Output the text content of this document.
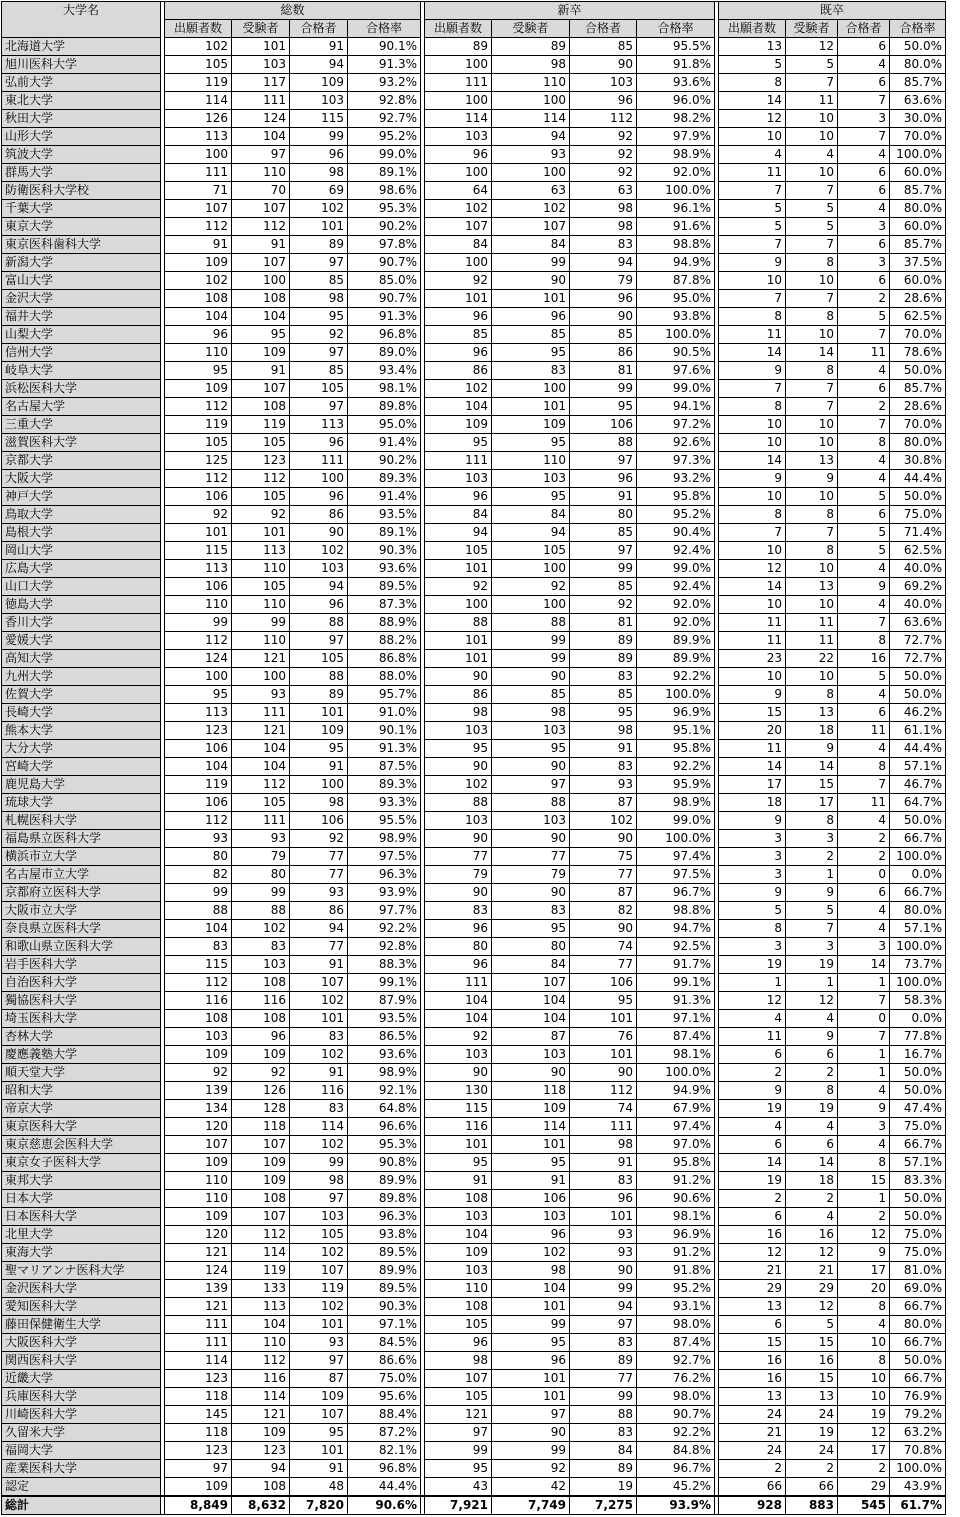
大学名		総数					新卒					既卒			
		出願者数	受験者	合格者	合格率		出願者数	受験者	合格者	合格率		出願者数	受験者	合格者	合格率
北海道大学		102	101	91	90.1%		89	89	85	95.5%		13	12	6	50.0%
旭川医科大学		105	103	94	91.3%		100	98	90	91.8%		5	5	4	80.0%
弘前大学		119	117	109	93.2%		111	110	103	93.6%		8	7	6	85.7%
東北大学		114	111	103	92.8%		100	100	96	96.0%		14	11	7	63.6%
秋田大学		126	124	115	92.7%		114	114	112	98.2%		12	10	3	30.0%
山形大学		113	104	99	95.2%		103	94	92	97.9%		10	10	7	70.0%
筑波大学		100	97	96	99.0%		96	93	92	98.9%		4	4	4	100.0%
群馬大学		111	110	98	89.1%		100	100	92	92.0%		11	10	6	60.0%
防衛医科大学校		71	70	69	98.6%		64	63	63	100.0%		7	7	6	85.7%
千葉大学		107	107	102	95.3%		102	102	98	96.1%		5	5	4	80.0%
東京大学		112	112	101	90.2%		107	107	98	91.6%		5	5	3	60.0%
東京医科歯科大学		91	91	89	97.8%		84	84	83	98.8%		7	7	6	85.7%
新潟大学		109	107	97	90.7%		100	99	94	94.9%		9	8	3	37.5%
富山大学		102	100	85	85.0%		92	90	79	87.8%		10	10	6	60.0%
金沢大学		108	108	98	90.7%		101	101	96	95.0%		7	7	2	28.6%
福井大学		104	104	95	91.3%		96	96	90	93.8%		8	8	5	62.5%
山梨大学		96	95	92	96.8%		85	85	85	100.0%		11	10	7	70.0%
信州大学		110	109	97	89.0%		96	95	86	90.5%		14	14	11	78.6%
岐阜大学		95	91	85	93.4%		86	83	81	97.6%		9	8	4	50.0%
浜松医科大学		109	107	105	98.1%		102	100	99	99.0%		7	7	6	85.7%
名古屋大学		112	108	97	89.8%		104	101	95	94.1%		8	7	2	28.6%
三重大学		119	119	113	95.0%		109	109	106	97.2%		10	10	7	70.0%
滋賀医科大学		105	105	96	91.4%		95	95	88	92.6%		10	10	8	80.0%
京都大学		125	123	111	90.2%		111	110	97	97.3%		14	13	4	30.8%
大阪大学		112	112	100	89.3%		103	103	96	93.2%		9	9	4	44.4%
神戸大学		106	105	96	91.4%		96	95	91	95.8%		10	10	5	50.0%
鳥取大学		92	92	86	93.5%		84	84	80	95.2%		8	8	6	75.0%
島根大学		101	101	90	89.1%		94	94	85	90.4%		7	7	5	71.4%
岡山大学		115	113	102	90.3%		105	105	97	92.4%		10	8	5	62.5%
広島大学		113	110	103	93.6%		101	100	99	99.0%		12	10	4	40.0%
山口大学		106	105	94	89.5%		92	92	85	92.4%		14	13	9	69.2%
徳島大学		110	110	96	87.3%		100	100	92	92.0%		10	10	4	40.0%
香川大学		99	99	88	88.9%		88	88	81	92.0%		11	11	7	63.6%
愛媛大学		112	110	97	88.2%		101	99	89	89.9%		11	11	8	72.7%
高知大学		124	121	105	86.8%		101	99	89	89.9%		23	22	16	72.7%
九州大学		100	100	88	88.0%		90	90	83	92.2%		10	10	5	50.0%
佐賀大学		95	93	89	95.7%		86	85	85	100.0%		9	8	4	50.0%
長崎大学		113	111	101	91.0%		98	98	95	96.9%		15	13	6	46.2%
熊本大学		123	121	109	90.1%		103	103	98	95.1%		20	18	11	61.1%
大分大学		106	104	95	91.3%		95	95	91	95.8%		11	9	4	44.4%
宮崎大学		104	104	91	87.5%		90	90	83	92.2%		14	14	8	57.1%
鹿児島大学		119	112	100	89.3%		102	97	93	95.9%		17	15	7	46.7%
琉球大学		106	105	98	93.3%		88	88	87	98.9%		18	17	11	64.7%
札幌医科大学		112	111	106	95.5%		103	103	102	99.0%		9	8	4	50.0%
福島県立医科大学		93	93	92	98.9%		90	90	90	100.0%		3	3	2	66.7%
横浜市立大学		80	79	77	97.5%		77	77	75	97.4%		3	2	2	100.0%
名古屋市立大学		82	80	77	96.3%		79	79	77	97.5%		3	1	0	0.0%
京都府立医科大学		99	99	93	93.9%		90	90	87	96.7%		9	9	6	66.7%
大阪市立大学		88	88	86	97.7%		83	83	82	98.8%		5	5	4	80.0%
奈良県立医科大学		104	102	94	92.2%		96	95	90	94.7%		8	7	4	57.1%
和歌山県立医科大学		83	83	77	92.8%		80	80	74	92.5%		3	3	3	100.0%
岩手医科大学		115	103	91	88.3%		96	84	77	91.7%		19	19	14	73.7%
自治医科大学		112	108	107	99.1%		111	107	106	99.1%		1	1	1	100.0%
獨協医科大学		116	116	102	87.9%		104	104	95	91.3%		12	12	7	58.3%
埼玉医科大学		108	108	101	93.5%		104	104	101	97.1%		4	4	0	0.0%
杏林大学		103	96	83	86.5%		92	87	76	87.4%		11	9	7	77.8%
慶應義塾大学		109	109	102	93.6%		103	103	101	98.1%		6	6	1	16.7%
順天堂大学		92	92	91	98.9%		90	90	90	100.0%		2	2	1	50.0%
昭和大学		139	126	116	92.1%		130	118	112	94.9%		9	8	4	50.0%
帝京大学		134	128	83	64.8%		115	109	74	67.9%		19	19	9	47.4%
東京医科大学		120	118	114	96.6%		116	114	111	97.4%		4	4	3	75.0%
東京慈恵会医科大学		107	107	102	95.3%		101	101	98	97.0%		6	6	4	66.7%
東京女子医科大学		109	109	99	90.8%		95	95	91	95.8%		14	14	8	57.1%
東邦大学		110	109	98	89.9%		91	91	83	91.2%		19	18	15	83.3%
日本大学		110	108	97	89.8%		108	106	96	90.6%		2	2	1	50.0%
日本医科大学		109	107	103	96.3%		103	103	101	98.1%		6	4	2	50.0%
北里大学		120	112	105	93.8%		104	96	93	96.9%		16	16	12	75.0%
東海大学		121	114	102	89.5%		109	102	93	91.2%		12	12	9	75.0%
聖マリアンナ医科大学		124	119	107	89.9%		103	98	90	91.8%		21	21	17	81.0%
金沢医科大学		139	133	119	89.5%		110	104	99	95.2%		29	29	20	69.0%
愛知医科大学		121	113	102	90.3%		108	101	94	93.1%		13	12	8	66.7%
藤田保健衛生大学		111	104	101	97.1%		105	99	97	98.0%		6	5	4	80.0%
大阪医科大学		111	110	93	84.5%		96	95	83	87.4%		15	15	10	66.7%
関西医科大学		114	112	97	86.6%		98	96	89	92.7%		16	16	8	50.0%
近畿大学		123	116	87	75.0%		107	101	77	76.2%		16	15	10	66.7%
兵庫医科大学		118	114	109	95.6%		105	101	99	98.0%		13	13	10	76.9%
川崎医科大学		145	121	107	88.4%		121	97	88	90.7%		24	24	19	79.2%
久留米大学		118	109	95	87.2%		97	90	83	92.2%		21	19	12	63.2%
福岡大学		123	123	101	82.1%		99	99	84	84.8%		24	24	17	70.8%
産業医科大学		97	94	91	96.8%		95	92	89	96.7%		2	2	2	100.0%
認定		109	108	48	44.4%		43	42	19	45.2%		66	66	29	43.9%
総計		8,849	8,632	7,820	90.6%		7,921	7,749	7,275	93.9%		928	883	545	61.7%
